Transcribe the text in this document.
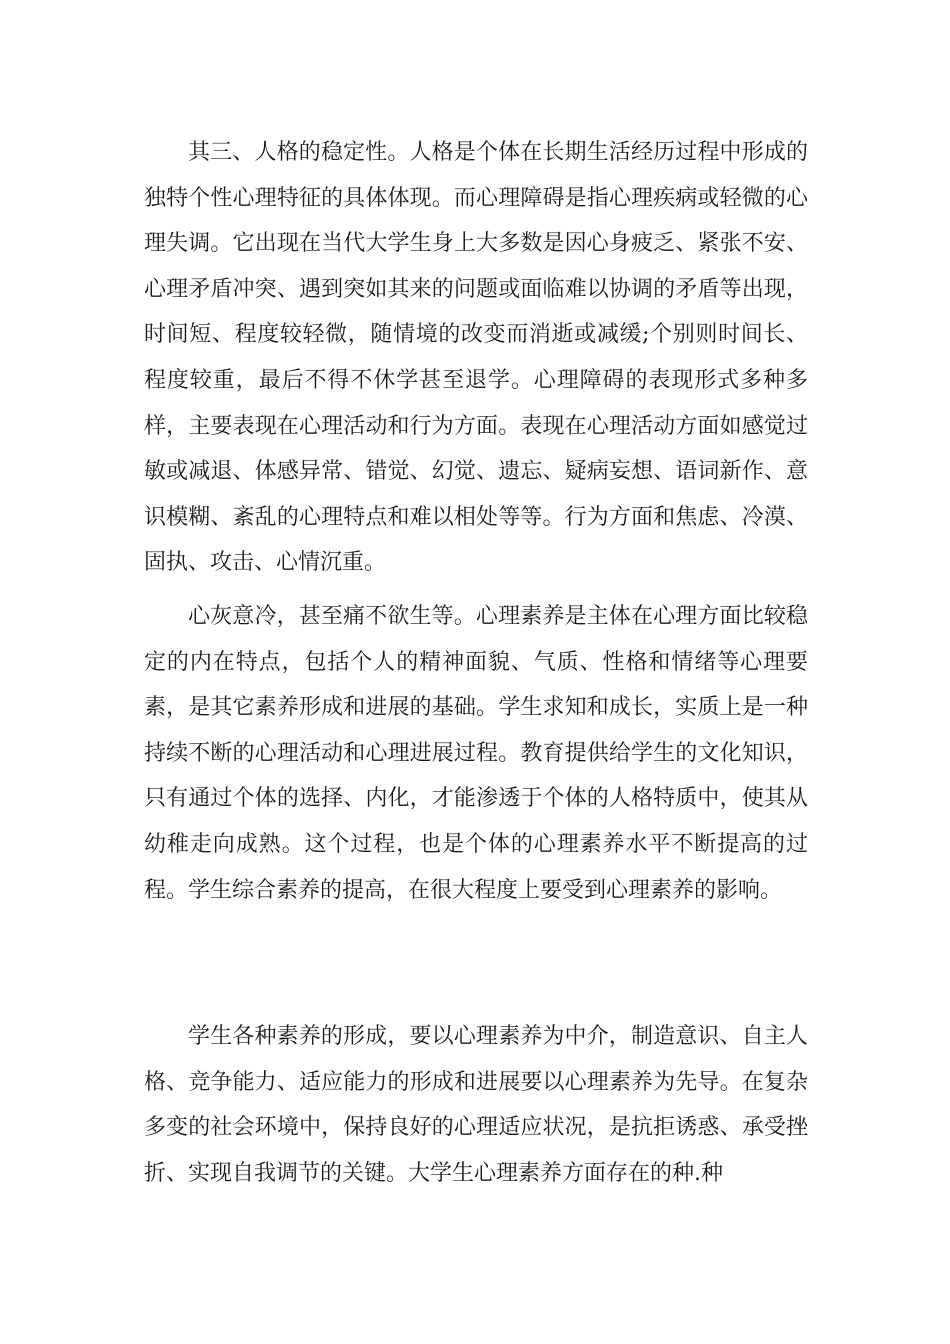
其三、人格的稳定性。人格是个体在长期生活经历过程中形成的独特个性心理特征的具体体现。而心理障碍是指心理疾病或轻微的心理失调。它出现在当代大学生身上大多数是因心身疲乏、紧张不安、心理矛盾冲突、遇到突如其来的问题或面临难以协调的矛盾等出现，时间短、程度较轻微，随情境的改变而消逝或减缓;个别则时间长、程度较重，最后不得不休学甚至退学。心理障碍的表现形式多种多样，主要表现在心理活动和行为方面。表现在心理活动方面如感觉过敏或减退、体感异常、错觉、幻觉、遗忘、疑病妄想、语词新作、意识模糊、紊乱的心理特点和难以相处等等。行为方面和焦虑、冷漠、固执、攻击、心情沉重。

心灰意冷，甚至痛不欲生等。心理素养是主体在心理方面比较稳定的内在特点，包括个人的精神面貌、气质、性格和情绪等心理要素，是其它素养形成和进展的基础。学生求知和成长，实质上是一种持续不断的心理活动和心理进展过程。教育提供给学生的文化知识，只有通过个体的选择、内化，才能渗透于个体的人格特质中，使其从幼稚走向成熟。这个过程，也是个体的心理素养水平不断提高的过程。学生综合素养的提高，在很大程度上要受到心理素养的影响。

学生各种素养的形成，要以心理素养为中介，制造意识、自主人格、竞争能力、适应能力的形成和进展要以心理素养为先导。在复杂多变的社会环境中，保持良好的心理适应状况，是抗拒诱惑、承受挫折、实现自我调节的关键。大学生心理素养方面存在的种.种
